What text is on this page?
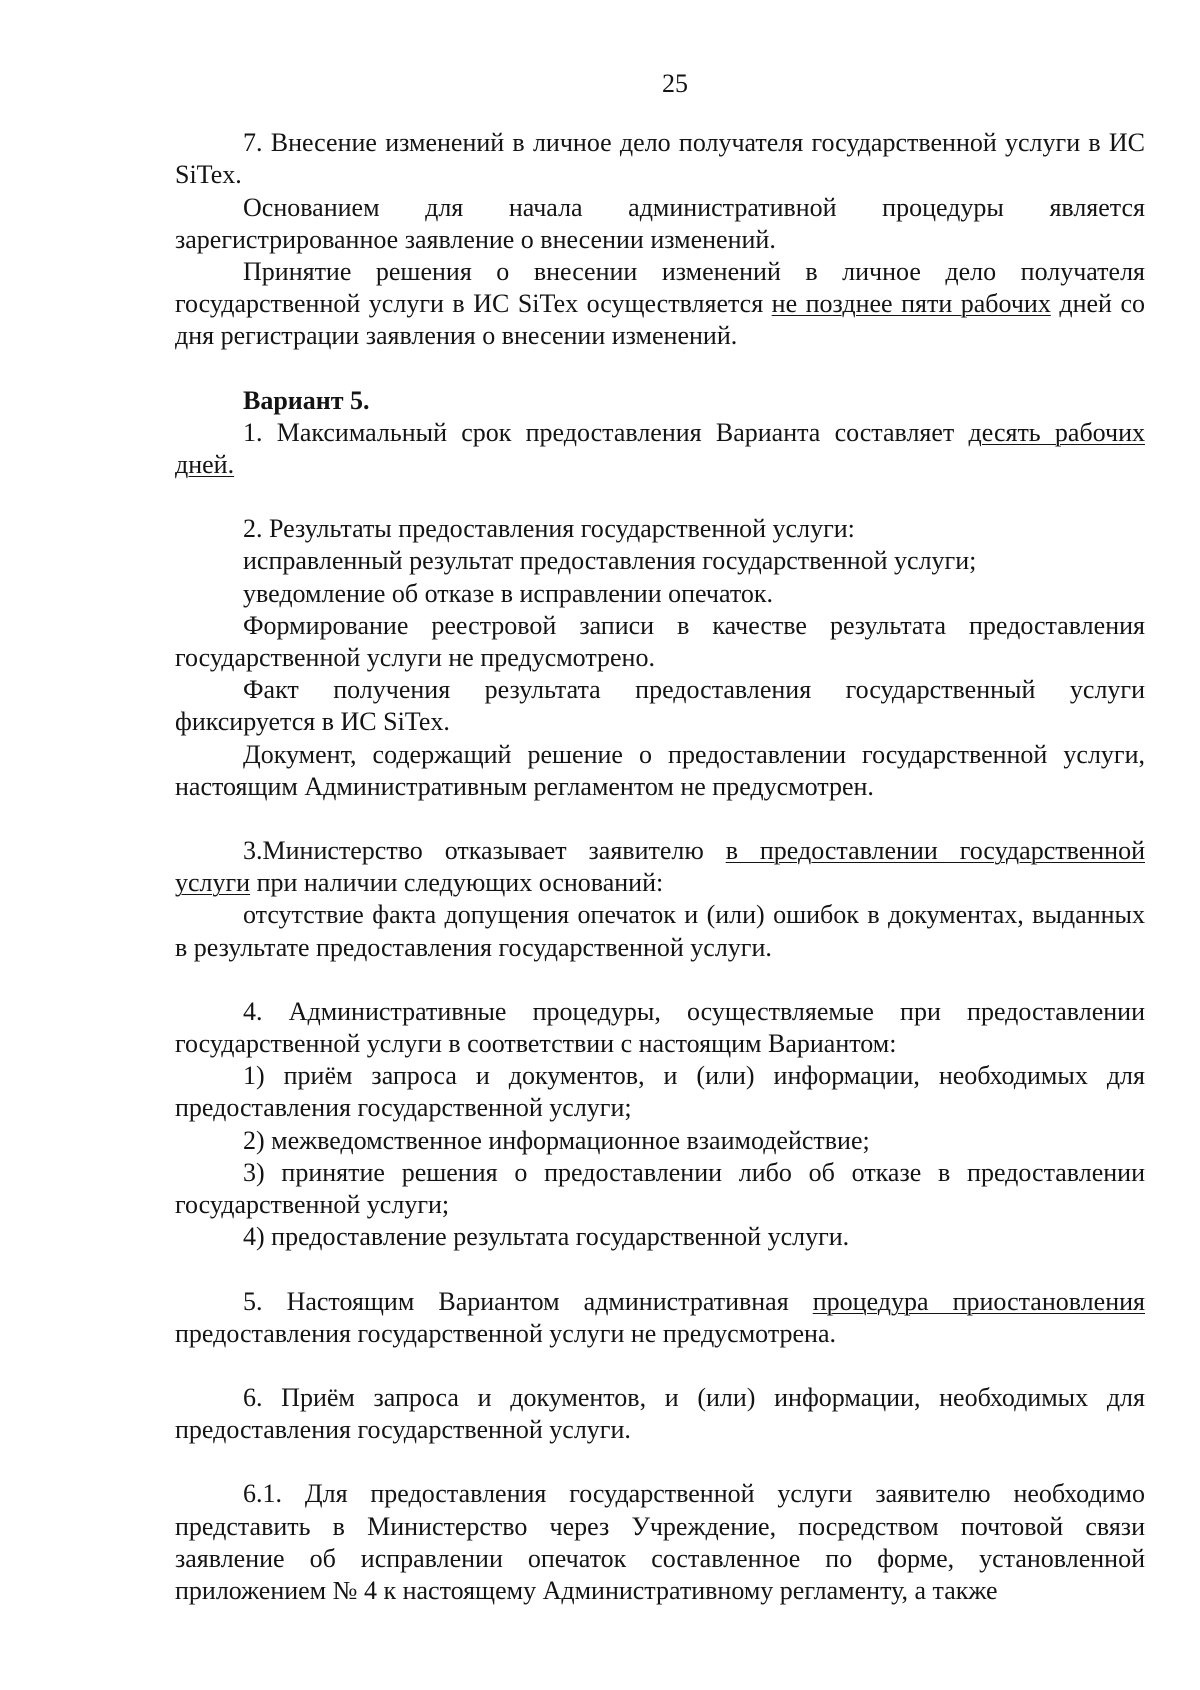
25

7. Внесение изменений в личное дело получателя государственной услуги в ИС SiTex.

Основанием для начала административной процедуры является зарегистрированное заявление о внесении изменений.

Принятие решения о внесении изменений в личное дело получателя государственной услуги в ИС SiTex осуществляется не позднее пяти рабочих дней со дня регистрации заявления о внесении изменений.

Вариант 5.

1. Максимальный срок предоставления Варианта составляет десять рабочих дней.

2. Результаты предоставления государственной услуги:

исправленный результат предоставления государственной услуги;

уведомление об отказе в исправлении опечаток.

Формирование реестровой записи в качестве результата предоставления государственной услуги не предусмотрено.

Факт получения результата предоставления государственный услуги фиксируется в ИС SiTex.

Документ, содержащий решение о предоставлении государственной услуги, настоящим Административным регламентом не предусмотрен.

3.Министерство отказывает заявителю в предоставлении государственной услуги при наличии следующих оснований:

отсутствие факта допущения опечаток и (или) ошибок в документах, выданных в результате предоставления государственной услуги.

4. Административные процедуры, осуществляемые при предоставлении государственной услуги в соответствии с настоящим Вариантом:

1) приём запроса и документов, и (или) информации, необходимых для предоставления государственной услуги;

2) межведомственное информационное взаимодействие;

3) принятие решения о предоставлении либо об отказе в предоставлении государственной услуги;

4) предоставление результата государственной услуги.

5. Настоящим Вариантом административная процедура приостановления предоставления государственной услуги не предусмотрена.

6. Приём запроса и документов, и (или) информации, необходимых для предоставления государственной услуги.

6.1. Для предоставления государственной услуги заявителю необходимо представить в Министерство через Учреждение, посредством почтовой связи заявление об исправлении опечаток составленное по форме, установленной приложением № 4 к настоящему Административному регламенту, а также
